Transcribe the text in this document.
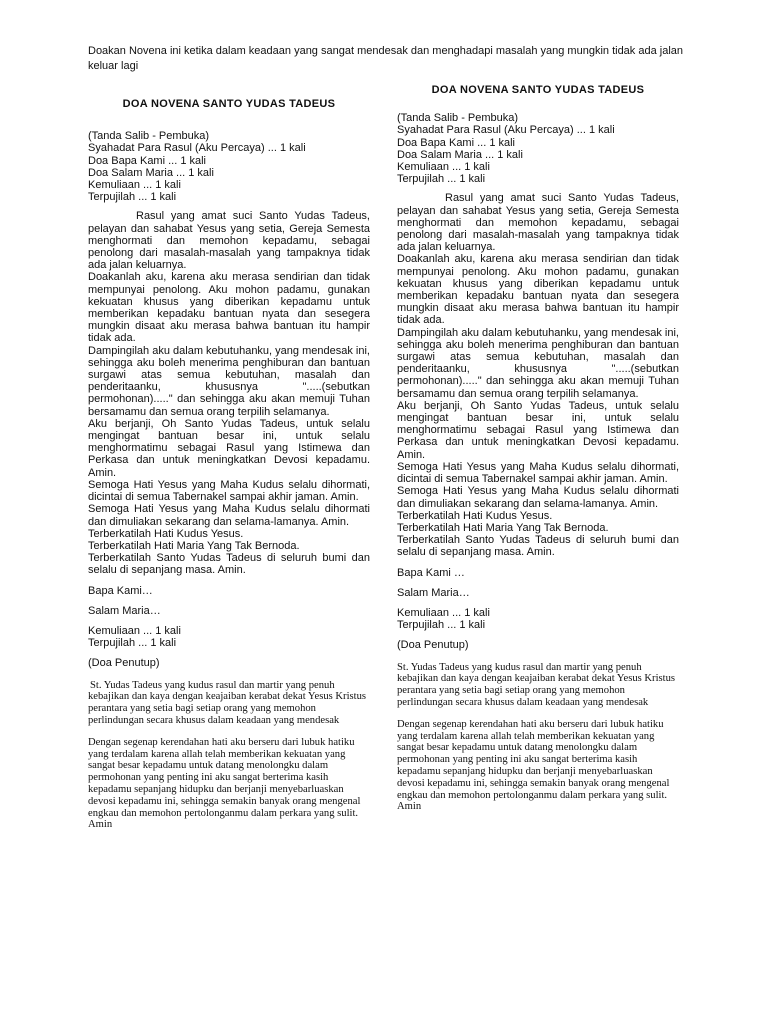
Doakan Novena ini ketika dalam keadaan yang sangat mendesak dan menghadapi masalah yang mungkin tidak ada jalan keluar lagi
DOA NOVENA SANTO YUDAS TADEUS
(Tanda Salib - Pembuka)
Syahadat Para Rasul (Aku Percaya) ... 1 kali
Doa Bapa Kami ... 1 kali
Doa Salam Maria ... 1 kali
Kemuliaan ... 1 kali
Terpujilah ... 1 kali

Rasul yang amat suci Santo Yudas Tadeus, pelayan dan sahabat Yesus yang setia, Gereja Semesta menghormati dan memohon kepadamu, sebagai penolong dari masalah-masalah yang tampaknya tidak ada jalan keluarnya.

Doakanlah aku, karena aku merasa sendirian dan tidak mempunyai penolong. Aku mohon padamu, gunakan kekuatan khusus yang diberikan kepadamu untuk memberikan kepadaku bantuan nyata dan sesegera mungkin disaat aku merasa bahwa bantuan itu hampir tidak ada.

Dampingilah aku dalam kebutuhanku, yang mendesak ini, sehingga aku boleh menerima penghiburan dan bantuan surgawi atas semua kebutuhan, masalah dan penderitaanku, khususnya ".....(sebutkan permohonan)....." dan sehingga aku akan memuji Tuhan bersamamu dan semua orang terpilih selamanya.

Aku berjanji, Oh Santo Yudas Tadeus, untuk selalu mengingat bantuan besar ini, untuk selalu menghormatimu sebagai Rasul yang Istimewa dan Perkasa dan untuk meningkatkan Devosi kepadamu. Amin.

Semoga Hati Yesus yang Maha Kudus selalu dihormati, dicintai di semua Tabernakel sampai akhir jaman. Amin.

Semoga Hati Yesus yang Maha Kudus selalu dihormati dan dimuliakan sekarang dan selama-lamanya. Amin.

Terberkatilah Hati Kudus Yesus.

Terberkatilah Hati Maria Yang Tak Bernoda.

Terberkatilah Santo Yudas Tadeus di seluruh bumi dan selalu di sepanjang masa. Amin.

Bapa Kami…

Salam Maria…

Kemuliaan ... 1 kali

Terpujilah ... 1 kali

(Doa Penutup)

St. Yudas Tadeus yang kudus rasul dan martir yang penuh kebajikan dan kaya dengan keajaiban kerabat dekat Yesus Kristus perantara yang setia bagi setiap orang yang memohon perlindungan secara khusus dalam keadaan yang mendesak

Dengan segenap kerendahan hati aku berseru dari lubuk hatiku yang terdalam karena allah telah memberikan kekuatan yang sangat besar kepadamu untuk datang menolongku dalam permohonan yang penting ini aku sangat berterima kasih kepadamu sepanjang hidupku dan berjanji menyebarluaskan devosi kepadamu ini, sehingga semakin banyak orang mengenal engkau dan memohon pertolonganmu dalam perkara yang sulit. Amin

DOA NOVENA SANTO YUDAS TADEUS
(Tanda Salib - Pembuka)
Syahadat Para Rasul (Aku Percaya) ... 1 kali
Doa Bapa Kami ... 1 kali
Doa Salam Maria ... 1 kali
Kemuliaan ... 1 kali
Terpujilah ... 1 kali

Rasul yang amat suci Santo Yudas Tadeus, pelayan dan sahabat Yesus yang setia, Gereja Semesta menghormati dan memohon kepadamu, sebagai penolong dari masalah-masalah yang tampaknya tidak ada jalan keluarnya.

Doakanlah aku, karena aku merasa sendirian dan tidak mempunyai penolong. Aku mohon padamu, gunakan kekuatan khusus yang diberikan kepadamu untuk memberikan kepadaku bantuan nyata dan sesegera mungkin disaat aku merasa bahwa bantuan itu hampir tidak ada.

Dampingilah aku dalam kebutuhanku, yang mendesak ini, sehingga aku boleh menerima penghiburan dan bantuan surgawi atas semua kebutuhan, masalah dan penderitaanku, khususnya ".....(sebutkan permohonan)....." dan sehingga aku akan memuji Tuhan bersamamu dan semua orang terpilih selamanya.

Aku berjanji, Oh Santo Yudas Tadeus, untuk selalu mengingat bantuan besar ini, untuk selalu menghormatimu sebagai Rasul yang Istimewa dan Perkasa dan untuk meningkatkan Devosi kepadamu. Amin.

Semoga Hati Yesus yang Maha Kudus selalu dihormati, dicintai di semua Tabernakel sampai akhir jaman. Amin.

Semoga Hati Yesus yang Maha Kudus selalu dihormati dan dimuliakan sekarang dan selama-lamanya. Amin.

Terberkatilah Hati Kudus Yesus.

Terberkatilah Hati Maria Yang Tak Bernoda.

Terberkatilah Santo Yudas Tadeus di seluruh bumi dan selalu di sepanjang masa. Amin.

Bapa Kami …

Salam Maria…

Kemuliaan ... 1 kali

Terpujilah ... 1 kali

(Doa Penutup)

St. Yudas Tadeus yang kudus rasul dan martir yang penuh kebajikan dan kaya dengan keajaiban kerabat dekat Yesus Kristus perantara yang setia bagi setiap orang yang memohon perlindungan secara khusus dalam keadaan yang mendesak

Dengan segenap kerendahan hati aku berseru dari lubuk hatiku yang terdalam karena allah telah memberikan kekuatan yang sangat besar kepadamu untuk datang menolongku dalam permohonan yang penting ini aku sangat berterima kasih kepadamu sepanjang hidupku dan berjanji menyebarluaskan devosi kepadamu ini, sehingga semakin banyak orang mengenal engkau dan memohon pertolonganmu dalam perkara yang sulit. Amin
